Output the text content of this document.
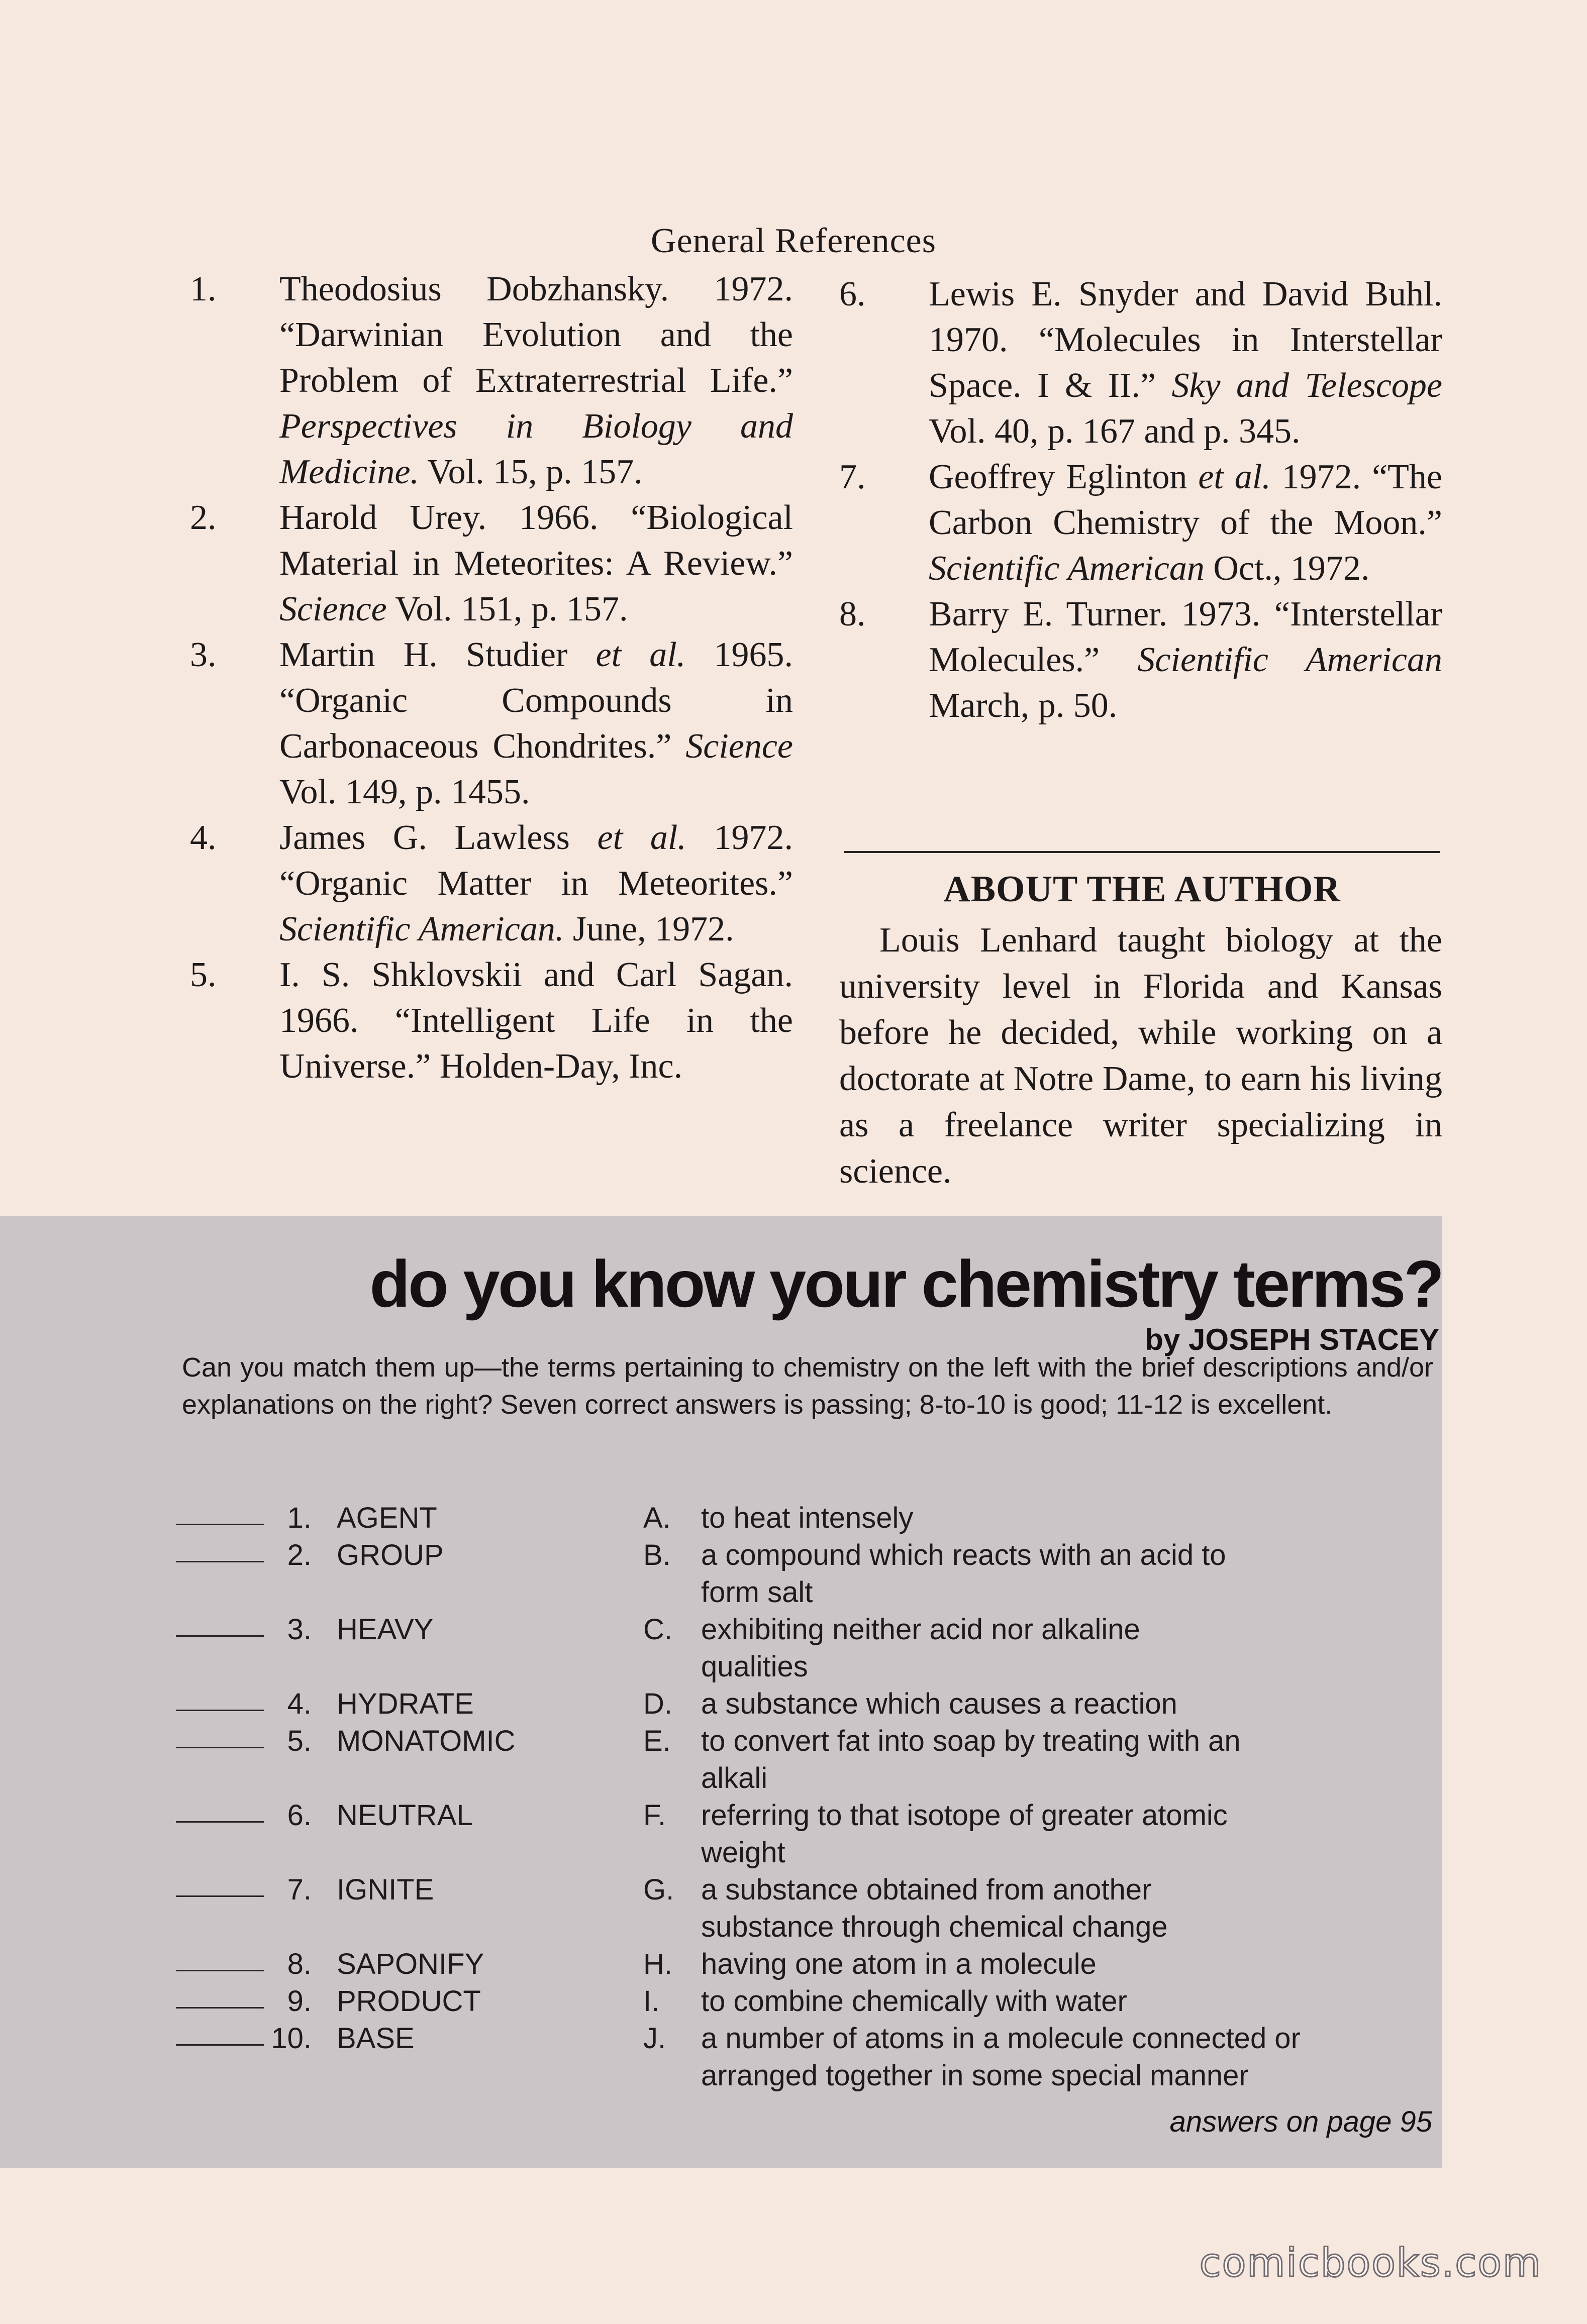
General References
1. Theodosius Dobzhansky. 1972. “Darwinian Evolution and the Problem of Extraterrestrial Life.” Perspectives in Biology and Medicine. Vol. 15, p. 157.
2. Harold Urey. 1966. “Biological Material in Meteorites: A Review.” Science Vol. 151, p. 157.
3. Martin H. Studier et al. 1965. “Organic Compounds in Carbonaceous Chondrites.” Science Vol. 149, p. 1455.
4. James G. Lawless et al. 1972. “Organic Matter in Meteorites.” Scientific American. June, 1972.
5. I. S. Shklovskii and Carl Sagan. 1966. “Intelligent Life in the Universe.” Holden-Day, Inc.
6. Lewis E. Snyder and David Buhl. 1970. “Molecules in Interstellar Space. I & II.” Sky and Telescope Vol. 40, p. 167 and p. 345.
7. Geoffrey Eglinton et al. 1972. “The Carbon Chemistry of the Moon.” Scientific American Oct., 1972.
8. Barry E. Turner. 1973. “Interstellar Molecules.” Scientific American March, p. 50.
ABOUT THE AUTHOR
Louis Lenhard taught biology at the university level in Florida and Kansas before he decided, while working on a doctorate at Notre Dame, to earn his living as a freelance writer specializing in science.
do you know your chemistry terms?
by JOSEPH STACEY
Can you match them up—the terms pertaining to chemistry on the left with the brief descriptions and/or explanations on the right? Seven correct answers is passing; 8-to-10 is good; 11-12 is excellent.
1. AGENT
2. GROUP
3. HEAVY
4. HYDRATE
5. MONATOMIC
6. NEUTRAL
7. IGNITE
8. SAPONIFY
9. PRODUCT
10. BASE
A. to heat intensely
B. a compound which reacts with an acid to form salt
C. exhibiting neither acid nor alkaline qualities
D. a substance which causes a reaction
E. to convert fat into soap by treating with an alkali
F. referring to that isotope of greater atomic weight
G. a substance obtained from another substance through chemical change
H. having one atom in a molecule
I. to combine chemically with water
J. a number of atoms in a molecule connected or arranged together in some special manner
answers on page 95
comicbooks.com
